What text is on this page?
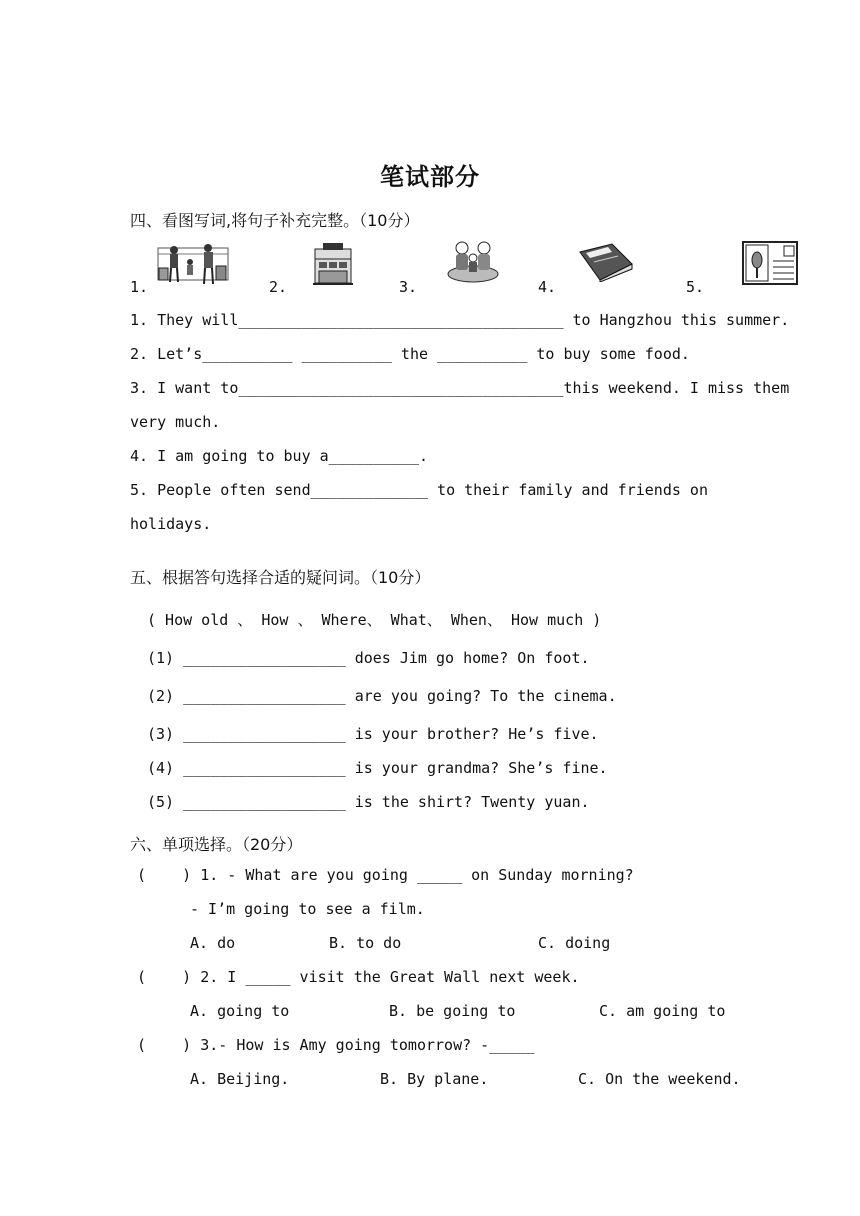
笔试部分
四、看图写词,将句子补充完整。（10分）
1.	2.	3.	4.	5.
1. They will____________________________________ to Hangzhou this summer.
2. Let’s__________ __________ the __________ to buy some food.
3. I want to____________________________________this weekend. I miss them
very much.
4. I am going to buy a__________.
5. People often send_____________ to their family and friends on
holidays.
五、根据答句选择合适的疑问词。（10分）
( How old 、 How 、 Where、 What、 When、 How much )
(1) __________________ does Jim go home? On foot.
(2) __________________ are you going? To the cinema.
(3) __________________ is your brother? He’s five.
(4) __________________ is your grandma? She’s fine.
(5) __________________ is the shirt? Twenty yuan.
六、单项选择。（20分）
(    ) 1. - What are you going _____ on Sunday morning?
- I’m going to see a film.
A. do	B. to do	C. doing
(    ) 2. I _____ visit the Great Wall next week.
A. going to	B. be going to	C. am going to
(    ) 3.- How is Amy going tomorrow? -_____
A. Beijing.	B. By plane.	C. On the weekend.
